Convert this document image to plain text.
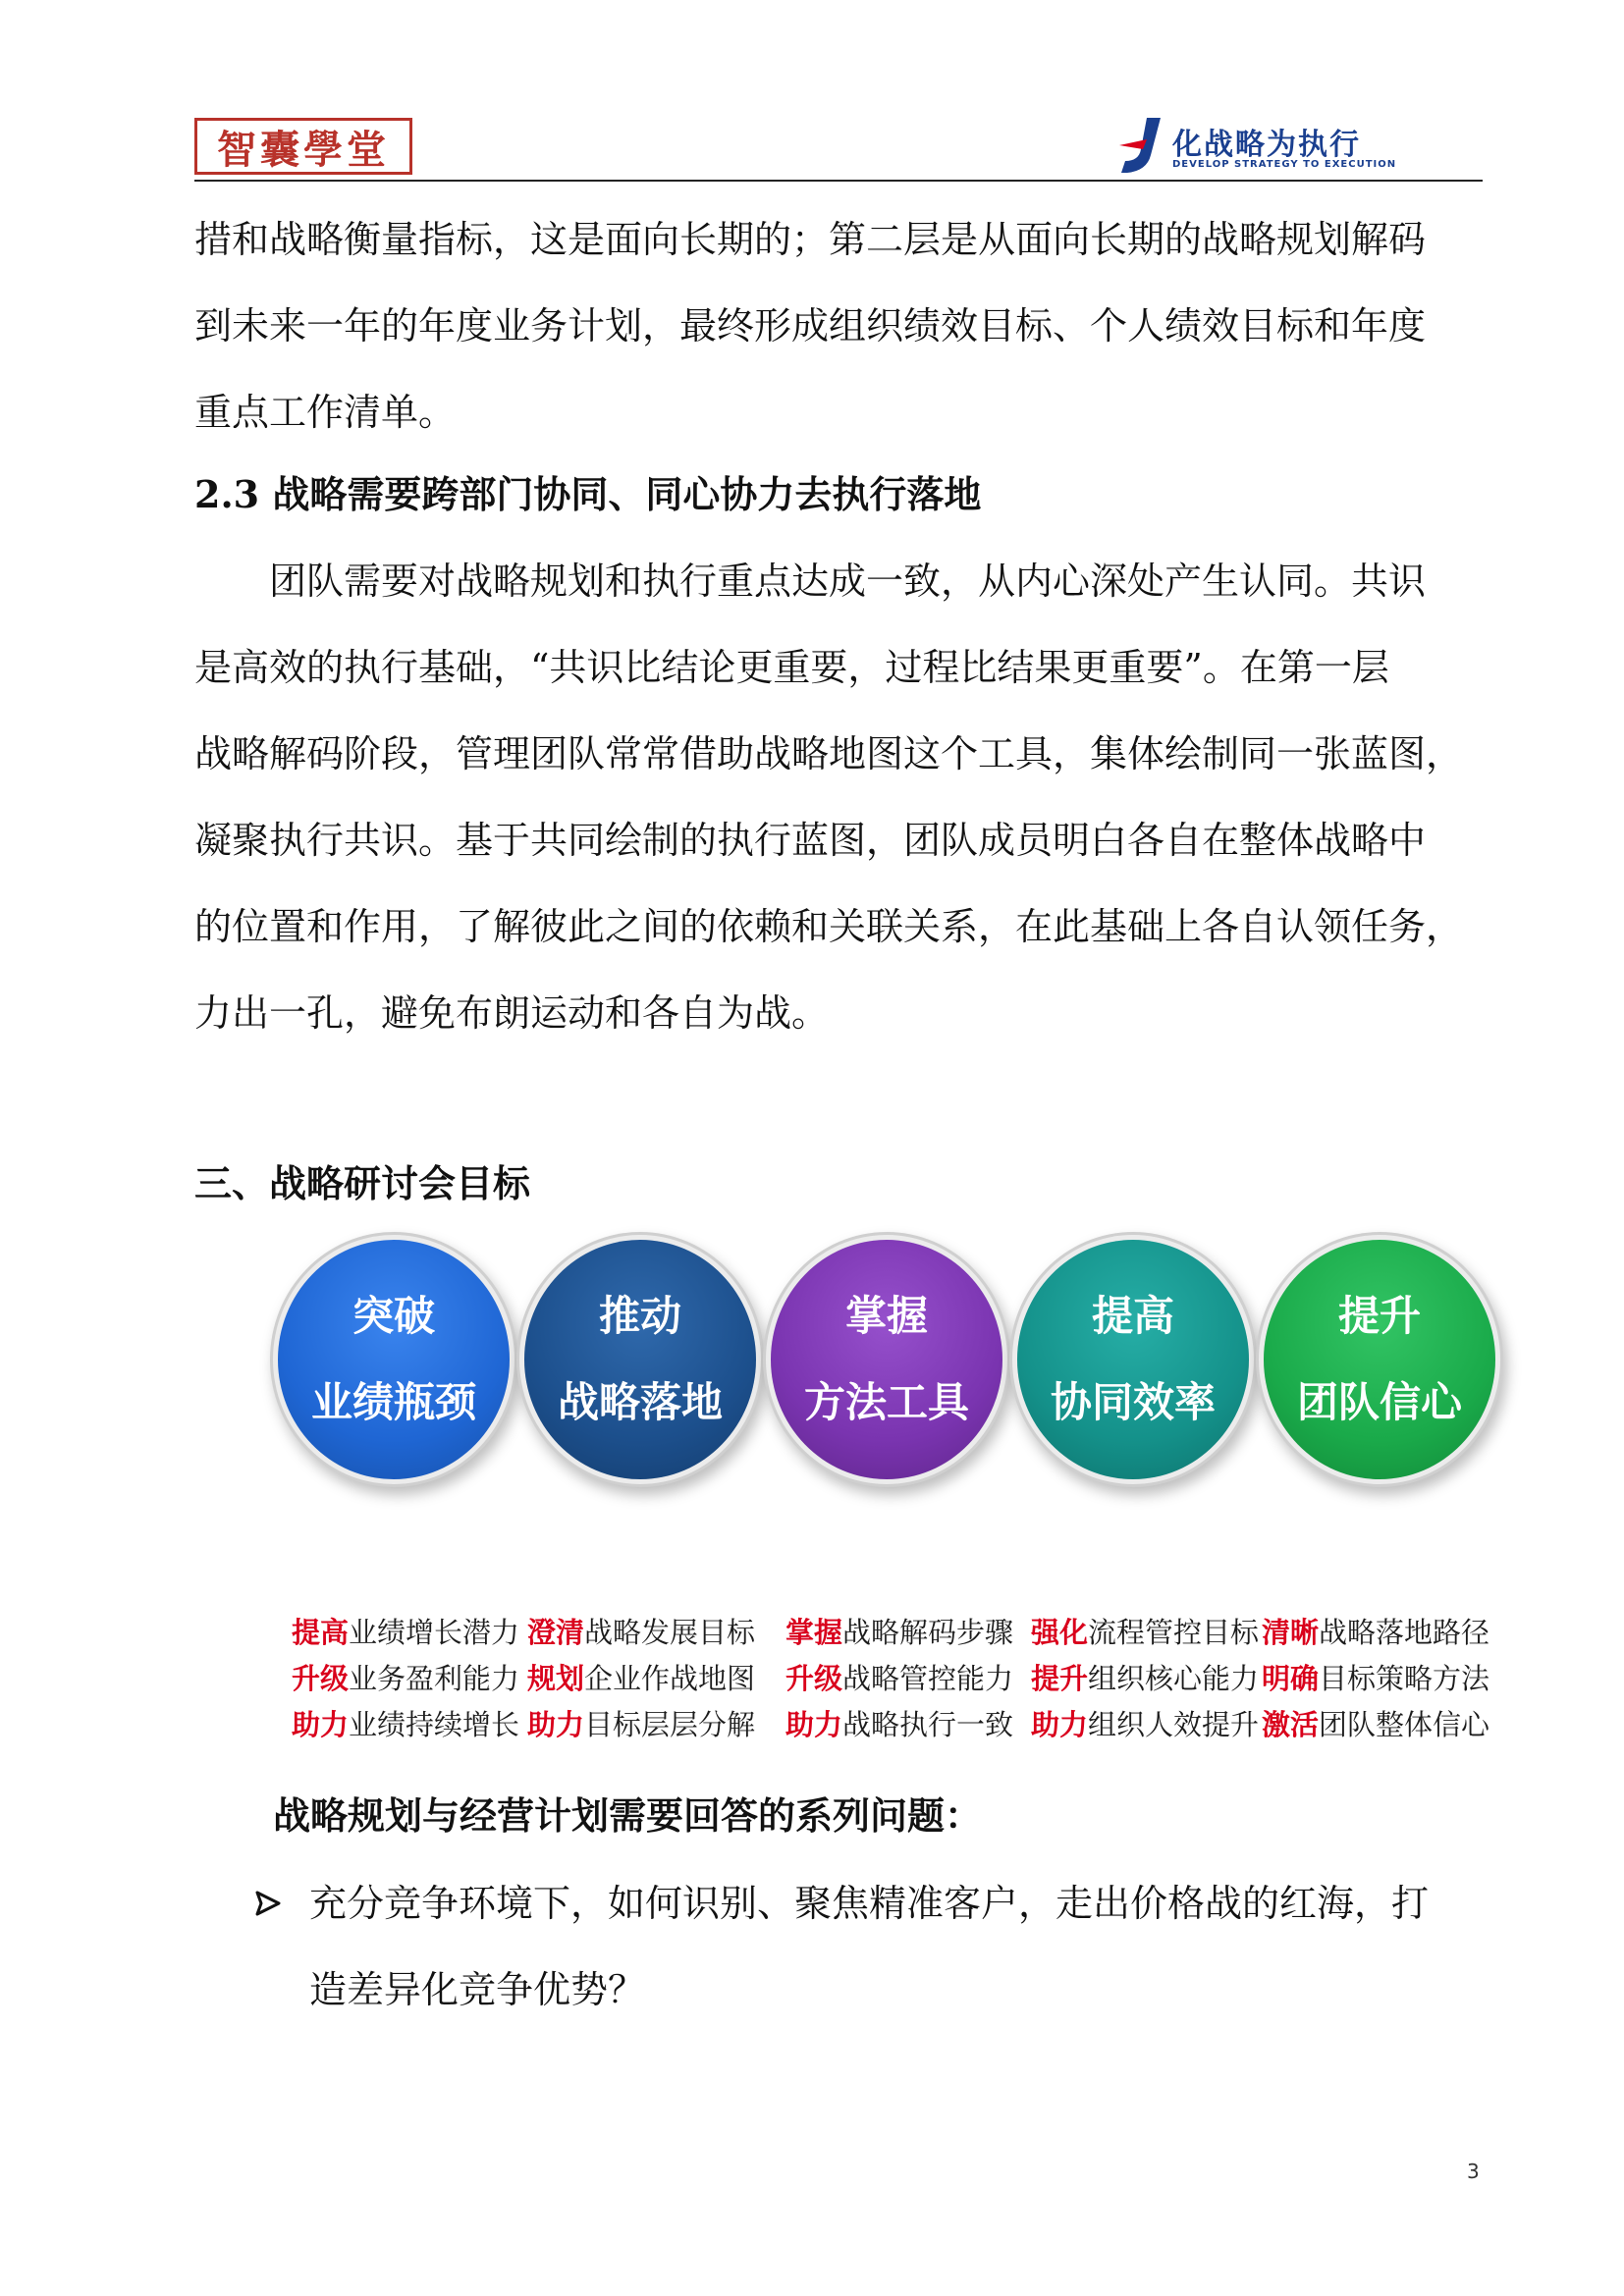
智囊學堂	化战略为执行
DEVELOP STRATEGY TO EXECUTION
措和战略衡量指标，这是面向长期的；第二层是从面向长期的战略规划解码
到未来一年的年度业务计划，最终形成组织绩效目标、个人绩效目标和年度
重点工作清单。
2.3 战略需要跨部门协同、同心协力去执行落地
　　团队需要对战略规划和执行重点达成一致，从内心深处产生认同。共识
是高效的执行基础，“共识比结论更重要，过程比结果更重要”。在第一层
战略解码阶段，管理团队常常借助战略地图这个工具，集体绘制同一张蓝图，
凝聚执行共识。基于共同绘制的执行蓝图，团队成员明白各自在整体战略中
的位置和作用，了解彼此之间的依赖和关联关系，在此基础上各自认领任务，
力出一孔，避免布朗运动和各自为战。
三、战略研讨会目标
突破
业绩瓶颈
推动
战略落地
掌握
方法工具
提高
协同效率
提升
团队信心
提高业绩增长潜力
升级业务盈利能力
助力业绩持续增长
澄清战略发展目标
规划企业作战地图
助力目标层层分解
掌握战略解码步骤
升级战略管控能力
助力战略执行一致
强化流程管控目标
提升组织核心能力
助力组织人效提升
清晰战略落地路径
明确目标策略方法
激活团队整体信心
战略规划与经营计划需要回答的系列问题：
充分竞争环境下，如何识别、聚焦精准客户，走出价格战的红海，打
造差异化竞争优势？
3
